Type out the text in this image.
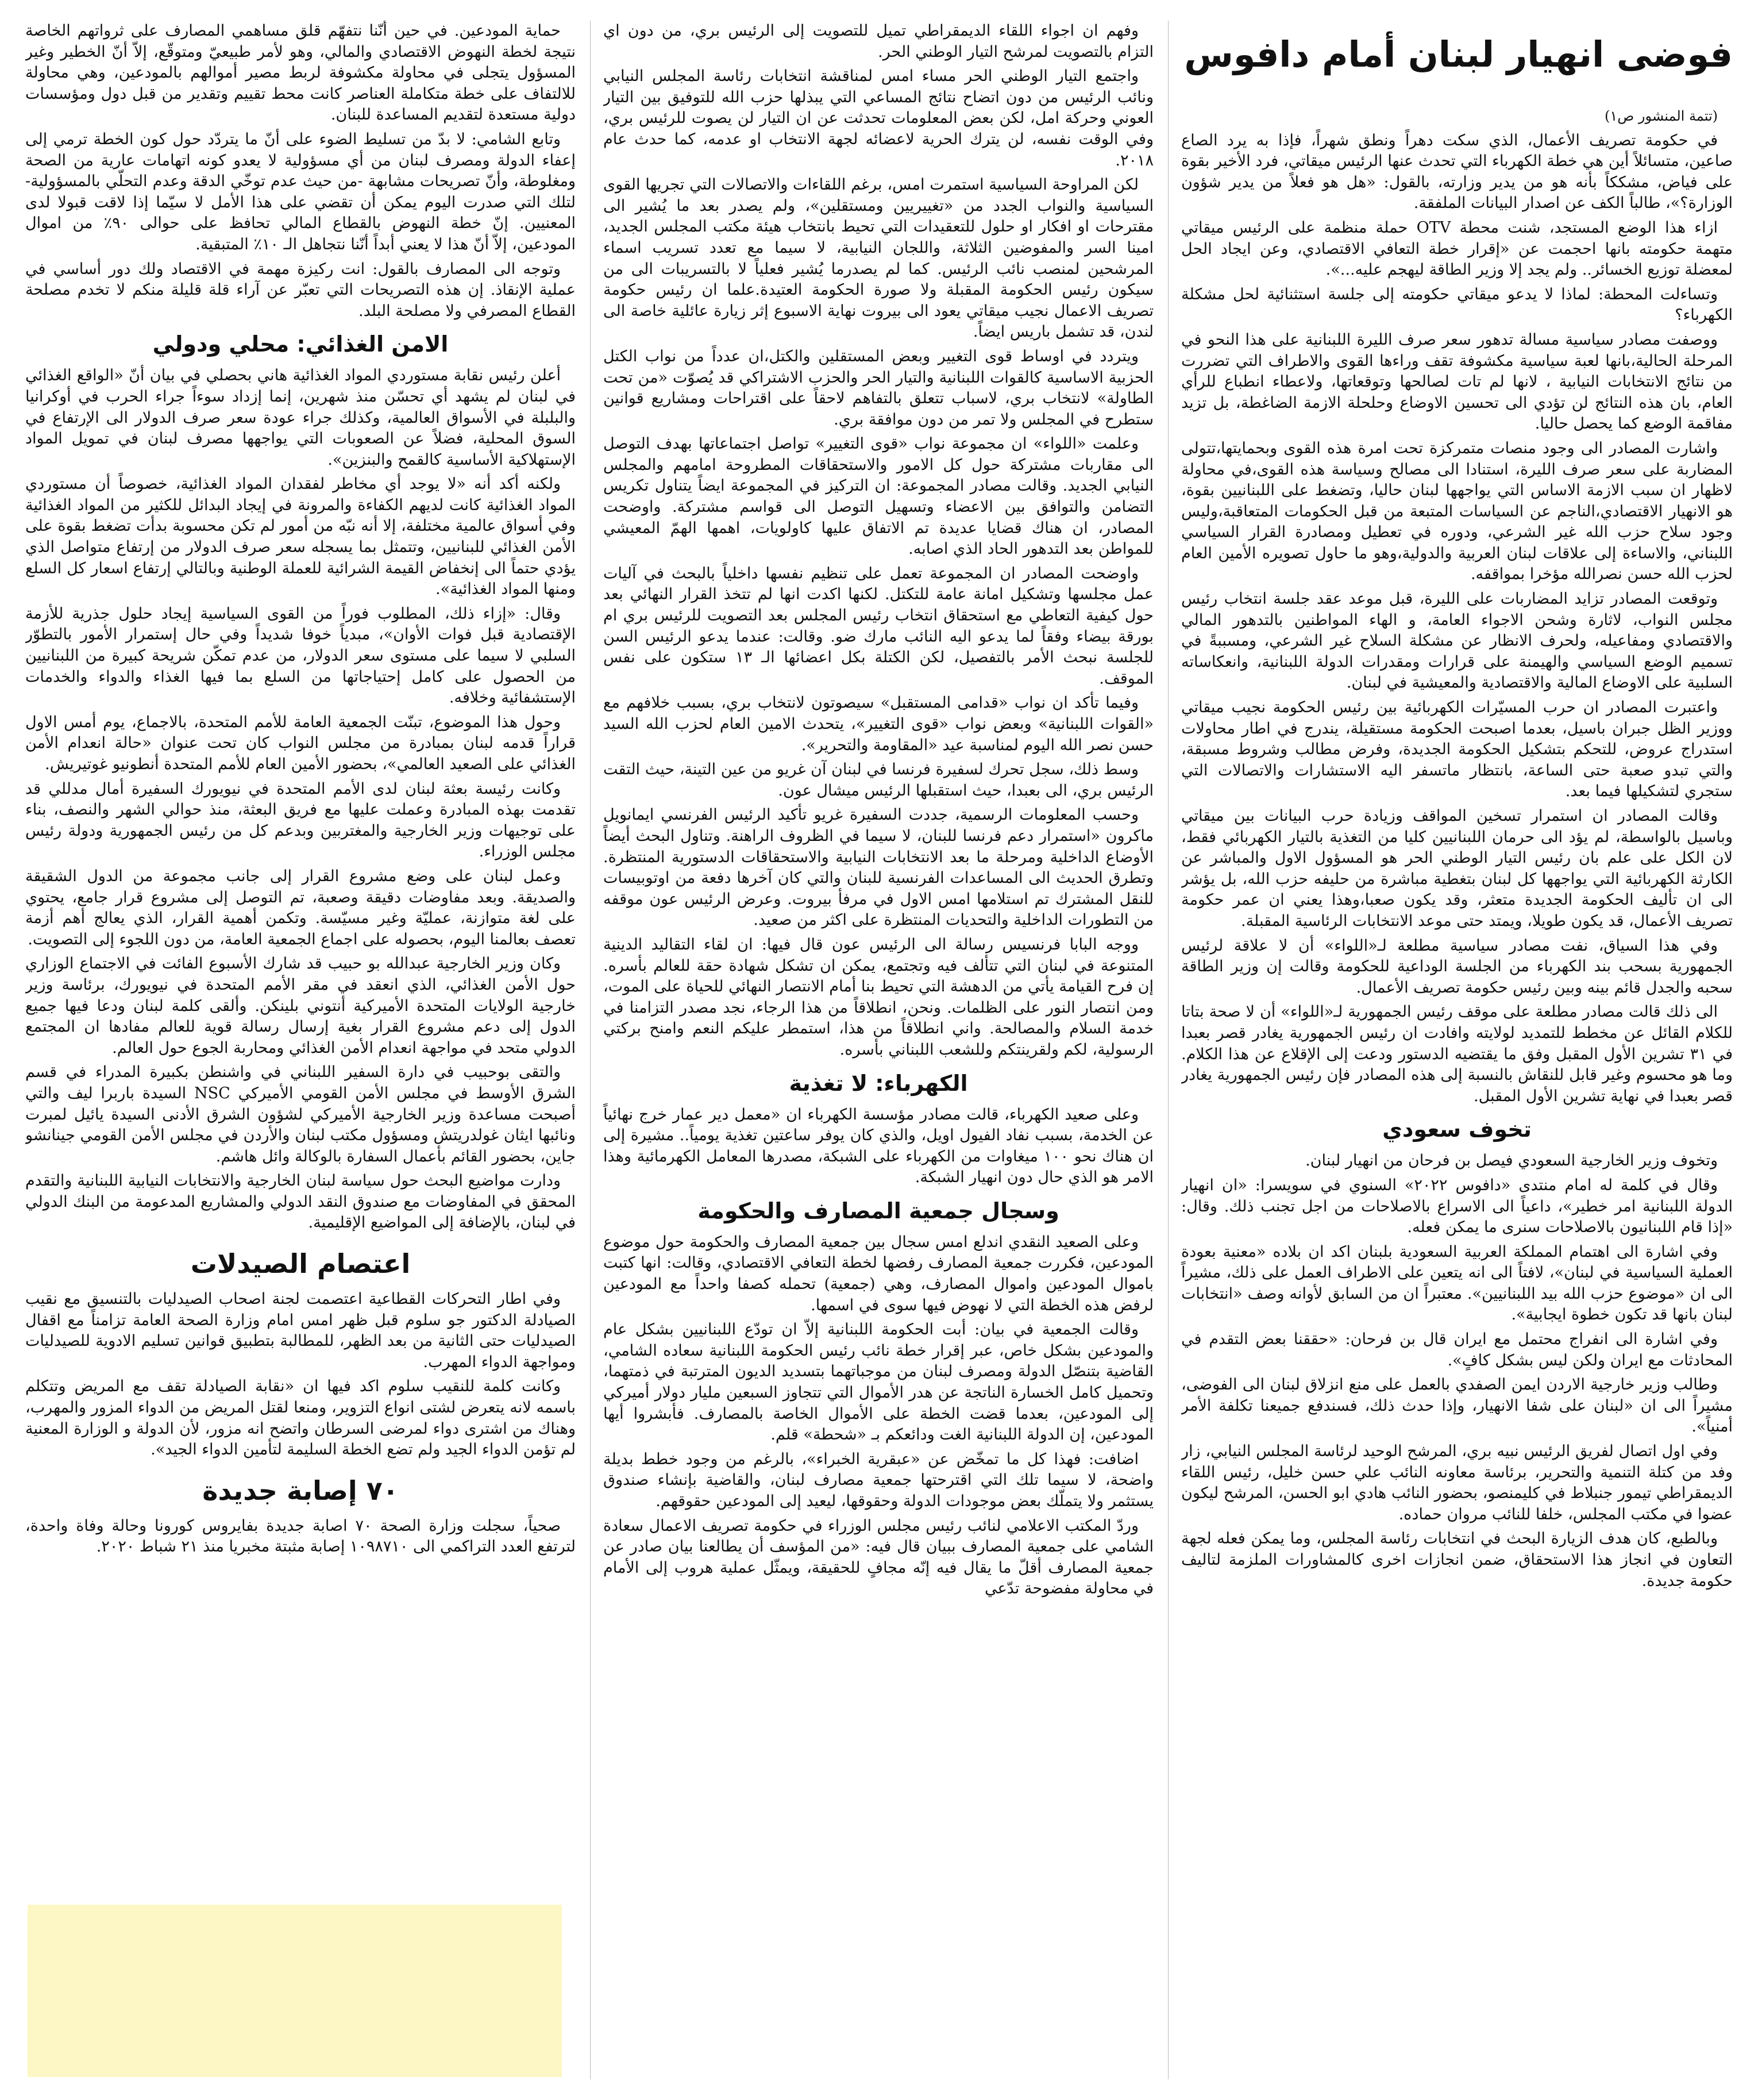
فوضى انهيار لبنان أمام دافوس

(تتمة المنشور ص١)

في حكومة تصريف الأعمال، الذي سكت دهراً ونطق شهراً، فإذا به يرد الصاع صاعين، متسائلاً أين هي خطة الكهرباء التي تحدث عنها الرئيس ميقاتي، فرد الأخير بقوة على فياض، مشككاً بأنه هو من يدير وزارته، بالقول: «هل هو فعلاً من يدير شؤون الوزارة؟»، طالباً الكف عن اصدار البيانات الملفقة.

ازاء هذا الوضع المستجد، شنت محطة OTV حملة منظمة على الرئيس ميقاتي متهمة حكومته بانها احجمت عن «إقرار خطة التعافي الاقتصادي، وعن ايجاد الحل لمعضلة توزيع الخسائر.. ولم يجد إلا وزير الطاقة ليهجم عليه...».

وتساءلت المحطة: لماذا لا يدعو ميقاتي حكومته إلى جلسة استثنائية لحل مشكلة الكهرباء؟

ووصفت مصادر سياسية مسالة تدهور سعر صرف الليرة اللبنانية على هذا النحو في المرحلة الحالية،بانها لعبة سياسية مكشوفة تقف وراءها القوى والاطراف التي تضررت من نتائج الانتخابات النيابية ، لانها لم تات لصالحها وتوقعاتها، ولاعطاء انطباع للرأي العام، بان هذه النتائج لن تؤدي الى تحسين الاوضاع وحلحلة الازمة الضاغطة، بل تزيد مفاقمة الوضع كما يحصل حاليا.

واشارت المصادر الى وجود منصات متمركزة تحت امرة هذه القوى وبحمايتها،تتولى المضاربة على سعر صرف الليرة، استنادا الى مصالح وسياسة هذه القوى،في محاولة لاظهار ان سبب الازمة الاساس التي يواجهها لبنان حاليا، وتضغط على اللبنانيين بقوة، هو الانهيار الاقتصادي،الناجم عن السياسات المتبعة من قبل الحكومات المتعاقبة،وليس وجود سلاح حزب الله غير الشرعي، ودوره في تعطيل ومصادرة القرار السياسي اللبناني، والاساءة إلى علاقات لبنان العربية والدولية،وهو ما حاول تصويره الأمين العام لحزب الله حسن نصرالله مؤخرا بمواقفه.

وتوقعت المصادر تزايد المضاربات على الليرة، قبل موعد عقد جلسة انتخاب رئيس مجلس النواب، لاثارة وشحن الاجواء العامة، و الهاء المواطنين بالتدهور المالي والاقتصادي ومفاعيله، ولحرف الانظار عن مشكلة السلاح غير الشرعي، ومسببةً في تسميم الوضع السياسي والهيمنة على قرارات ومقدرات الدولة اللبنانية، وانعكاساته السلبية على الاوضاع المالية والاقتصادية والمعيشية في لبنان.

واعتبرت المصادر ان حرب المسيّرات الكهربائية بين رئيس الحكومة نجيب ميقاتي ووزير الظل جبران باسيل، بعدما اصبحت الحكومة مستقيلة، يندرج في اطار محاولات استدراج عروض، للتحكم بتشكيل الحكومة الجديدة، وفرض مطالب وشروط مسبقة، والتي تبدو صعبة حتى الساعة، بانتظار ماتسفر اليه الاستشارات والاتصالات التي ستجري لتشكيلها فيما بعد.

وقالت المصادر ان استمرار تسخين المواقف وزيادة حرب البيانات بين ميقاتي وباسيل بالواسطة، لم يؤد الى حرمان اللبنانيين كليا من التغذية بالتيار الكهربائي فقط، لان الكل على علم بان رئيس التيار الوطني الحر هو المسؤول الاول والمباشر عن الكارثة الكهربائية التي يواجهها كل لبنان بتغطية مباشرة من حليفه حزب الله، بل يؤشر الى ان تأليف الحكومة الجديدة متعثر، وقد يكون صعبا،وهذا يعني ان عمر حكومة تصريف الأعمال، قد يكون طويلا، ويمتد حتى موعد الانتخابات الرئاسية المقبلة.

وفي هذا السياق، نفت مصادر سياسية مطلعة لـ«اللواء» أن لا علاقة لرئيس الجمهورية بسحب بند الكهرباء من الجلسة الوداعية للحكومة وقالت إن وزير الطاقة سحبه والجدل قائم بينه وبين رئيس حكومة تصريف الأعمال.

الى ذلك قالت مصادر مطلعة على موقف رئيس الجمهورية لـ«اللواء» أن لا صحة بتاتا للكلام القائل عن مخطط للتمديد لولايته وافادت ان رئيس الجمهورية يغادر قصر بعبدا في ٣١ تشرين الأول المقبل وفق ما يقتضيه الدستور ودعت إلى الإقلاع عن هذا الكلام. وما هو محسوم وغير قابل للنقاش بالنسبة إلى هذه المصادر فإن رئيس الجمهورية يغادر قصر بعبدا في نهاية تشرين الأول المقبل.

تخوف سعودي

وتخوف وزير الخارجية السعودي فيصل بن فرحان من انهيار لبنان.

وقال في كلمة له امام منتدى «دافوس ٢٠٢٢» السنوي في سويسرا: «ان انهيار الدولة اللبنانية امر خطير»، داعياً الى الاسراع بالاصلاحات من اجل تجنب ذلك. وقال: «إذا قام اللبنانيون بالاصلاحات سنرى ما يمكن فعله.

وفي اشارة الى اهتمام المملكة العربية السعودية بلبنان اكد ان بلاده «معنية بعودة العملية السياسية في لبنان»، لافتاً الى انه يتعين على الاطراف العمل على ذلك، مشيراً الى ان «موضوع حزب الله بيد اللبنانيين». معتبراً ان من السابق لأوانه وصف «انتخابات لبنان بانها قد تكون خطوة ايجابية».

وفي اشارة الى انفراج محتمل مع ايران قال بن فرحان: «حققنا بعض التقدم في المحادثات مع ايران ولكن ليس بشكل كافٍ».

وطالب وزير خارجية الاردن ايمن الصفدي بالعمل على منع انزلاق لبنان الى الفوضى، مشيراً الى ان «لبنان على شفا الانهيار، وإذا حدث ذلك، فسندفع جميعنا تكلفة الأمر أمنياً».

وفي اول اتصال لفريق الرئيس نبيه بري، المرشح الوحيد لرئاسة المجلس النيابي، زار وفد من كتلة التنمية والتحرير، برئاسة معاونه النائب علي حسن خليل، رئيس اللقاء الديمقراطي تيمور جنبلاط في كليمنصو، بحضور النائب هادي ابو الحسن، المرشح ليكون عضوا في مكتب المجلس، خلفا للنائب مروان حماده.

وبالطبع، كان هدف الزيارة البحث في انتخابات رئاسة المجلس، وما يمكن فعله لجهة التعاون في انجاز هذا الاستحقاق، ضمن انجازات اخرى كالمشاورات الملزمة لتاليف حكومة جديدة.

وفهم ان اجواء اللقاء الديمقراطي تميل للتصويت إلى الرئيس بري، من دون اي التزام بالتصويت لمرشح التيار الوطني الحر.

واجتمع التيار الوطني الحر مساء امس لمناقشة انتخابات رئاسة المجلس النيابي ونائب الرئيس من دون اتضاح نتائج المساعي التي يبذلها حزب الله للتوفيق بين التيار العوني وحركة امل، لكن بعض المعلومات تحدثت عن ان التيار لن يصوت للرئيس بري، وفي الوقت نفسه، لن يترك الحرية لاعضائه لجهة الانتخاب او عدمه، كما حدث عام ٢٠١٨.

لكن المراوحة السياسية استمرت امس، برغم اللقاءات والاتصالات التي تجريها القوى السياسية والنواب الجدد من «تغييريين ومستقلين»، ولم يصدر بعد ما يُشير الى مقترحات او افكار او حلول للتعقيدات التي تحيط بانتخاب هيئة مكتب المجلس الجديد، امينا السر والمفوضين الثلاثة، واللجان النيابية، لا سيما مع تعدد تسريب اسماء المرشحين لمنصب نائب الرئيس. كما لم يصدرما يُشير فعلياً لا بالتسريبات الى من سيكون رئيس الحكومة المقبلة ولا صورة الحكومة العتيدة.علما ان رئيس حكومة تصريف الاعمال نجيب ميقاتي يعود الى بيروت نهاية الاسبوع إثر زيارة عائلية خاصة الى لندن، قد تشمل باريس ايضاً.

ويتردد في اوساط قوى التغيير وبعض المستقلين والكتل،ان عدداً من نواب الكتل الحزبية الاساسية كالقوات اللبنانية والتيار الحر والحزب الاشتراكي قد يُصوّت «من تحت الطاولة» لانتخاب بري، لاسباب تتعلق بالتفاهم لاحقاً على اقتراحات ومشاريع قوانين ستطرح في المجلس ولا تمر من دون موافقة بري.

وعلمت «اللواء» ان مجموعة نواب «قوى التغيير» تواصل اجتماعاتها بهدف التوصل الى مقاربات مشتركة حول كل الامور والاستحقاقات المطروحة امامهم والمجلس النيابي الجديد. وقالت مصادر المجموعة: ان التركيز في المجموعة ايضاً يتناول تكريس التضامن والتوافق بين الاعضاء وتسهيل التوصل الى قواسم مشتركة. واوضحت المصادر، ان هناك قضايا عديدة تم الاتفاق عليها كاولويات، اهمها الهمّ المعيشي للمواطن بعد التدهور الحاد الذي اصابه.

واوضحت المصادر ان المجموعة تعمل على تنظيم نفسها داخلياً بالبحث في آليات عمل مجلسها وتشكيل امانة عامة للتكتل. لكنها اكدت انها لم تتخذ القرار النهائي بعد حول كيفية التعاطي مع استحقاق انتخاب رئيس المجلس بعد التصويت للرئيس بري ام بورقة بيضاء وفقاً لما يدعو اليه النائب مارك ضو. وقالت: عندما يدعو الرئيس السن للجلسة نبحث الأمر بالتفصيل، لكن الكتلة بكل اعضائها الـ ١٣ ستكون على نفس الموقف.

وفيما تأكد ان نواب «قدامى المستقبل» سيصوتون لانتخاب بري، بسبب خلافهم مع «القوات اللبنانية» وبعض نواب «قوى التغيير»، يتحدث الامين العام لحزب الله السيد حسن نصر الله اليوم لمناسبة عيد «المقاومة والتحرير».

وسط ذلك، سجل تحرك لسفيرة فرنسا في لبنان آن غريو من عين التينة، حيث التقت الرئيس بري، الى بعبدا، حيث استقبلها الرئيس ميشال عون.

وحسب المعلومات الرسمية، جددت السفيرة غريو تأكيد الرئيس الفرنسي ايمانويل ماكرون «استمرار دعم فرنسا للبنان، لا سيما في الظروف الراهنة. وتناول البحث أيضاً الأوضاع الداخلية ومرحلة ما بعد الانتخابات النيابية والاستحقاقات الدستورية المنتظرة. وتطرق الحديث الى المساعدات الفرنسية للبنان والتي كان آخرها دفعة من اوتوبيسات للنقل المشترك تم استلامها امس الاول في مرفأ بيروت. وعرض الرئيس عون موقفه من التطورات الداخلية والتحديات المنتظرة على اكثر من صعيد.

ووجه البابا فرنسيس رسالة الى الرئيس عون قال فيها: ان لقاء التقاليد الدينية المتنوعة في لبنان التي تتألف فيه وتجتمع، يمكن ان تشكل شهادة حقة للعالم بأسره. إن فرح القيامة يأتي من الدهشة التي تحيط بنا أمام الانتصار النهائي للحياة على الموت، ومن انتصار النور على الظلمات. ونحن، انطلاقاً من هذا الرجاء، نجد مصدر التزامنا في خدمة السلام والمصالحة. واني انطلاقاً من هذا، استمطر عليكم النعم وامنح بركتي الرسولية، لكم ولقرينتكم وللشعب اللبناني بأسره.

الكهرباء: لا تغذية

وعلى صعيد الكهرباء، قالت مصادر مؤسسة الكهرباء ان «معمل دير عمار خرج نهائياً عن الخدمة، بسبب نفاد الفيول اويل، والذي كان يوفر ساعتين تغذية يومياً.. مشيرة إلى ان هناك نحو ١٠٠ ميغاوات من الكهرباء على الشبكة، مصدرها المعامل الكهرمائية وهذا الامر هو الذي حال دون انهيار الشبكة.

وسجال جمعية المصارف والحكومة

وعلى الصعيد النقدي اندلع امس سجال بين جمعية المصارف والحكومة حول موضوع المودعين، فكررت جمعية المصارف رفضها لخطة التعافي الاقتصادي، وقالت: انها كتبت باموال المودعين واموال المصارف، وهي (جمعية) تحمله كصفا واحداً مع المودعين لرفض هذه الخطة التي لا نهوض فيها سوى في اسمها.

وقالت الجمعية في بيان: أبت الحكومة اللبنانية إلاّ ان تودّع اللبنانيين بشكل عام والمودعين بشكل خاص، عبر إقرار خطة نائب رئيس الحكومة اللبنانية سعاده الشامي، القاضية بتنصّل الدولة ومصرف لبنان من موجباتهما بتسديد الديون المترتبة في ذمتهما، وتحميل كامل الخسارة الناتجة عن هدر الأموال التي تتجاوز السبعين مليار دولار أميركي إلى المودعين، بعدما قضت الخطة على الأموال الخاصة بالمصارف. فأبشروا أيها المودعين، إن الدولة اللبنانية الغت ودائعكم بـ «شحطة» قلم.

اضافت: فهذا كل ما تمخّض عن «عبقرية الخبراء»، بالرغم من وجود خطط بديلة واضحة، لا سيما تلك التي اقترحتها جمعية مصارف لبنان، والقاضية بإنشاء صندوق يستثمر ولا يتملّك بعض موجودات الدولة وحقوقها، ليعيد إلى المودعين حقوقهم.

وردّ المكتب الاعلامي لنائب رئيس مجلس الوزراء في حكومة تصريف الاعمال سعادة الشامي على جمعية المصارف ببيان قال فيه: «من المؤسف أن يطالعنا بيان صادر عن جمعية المصارف أقلّ ما يقال فيه إنّه مجافٍ للحقيقة، ويمثّل عملية هروب إلى الأمام في محاولة مفضوحة تدّعي

حماية المودعين. في حين أنّنا نتفهّم قلق مساهمي المصارف على ثرواتهم الخاصة نتيجة لخطة النهوض الاقتصادي والمالي، وهو لأمر طبيعيّ ومتوقّع، إلاّ أنّ الخطير وغير المسؤول يتجلى في محاولة مكشوفة لربط مصير أموالهم بالمودعين، وهي محاولة للالتفاف على خطة متكاملة العناصر كانت محط تقييم وتقدير من قبل دول ومؤسسات دولية مستعدة لتقديم المساعدة للبنان.

وتابع الشامي: لا بدّ من تسليط الضوء على أنّ ما يتردّد حول كون الخطة ترمي إلى إعفاء الدولة ومصرف لبنان من أي مسؤولية لا يعدو كونه اتهامات عارية من الصحة ومغلوطة، وأنّ تصريحات مشابهة -من حيث عدم توخّي الدقة وعدم التحلّي بالمسؤولية- لتلك التي صدرت اليوم يمكن أن تقضي على هذا الأمل لا سيّما إذا لاقت قبولا لدى المعنيين. إنّ خطة النهوض بالقطاع المالي تحافظ على حوالى ٩٠٪ من اموال المودعين، إلاّ أنّ هذا لا يعني أبداً أنّنا نتجاهل الـ ١٠٪ المتبقية.

وتوجه الى المصارف بالقول: انت ركيزة مهمة في الاقتصاد ولك دور أساسي في عملية الإنقاذ. إن هذه التصريحات التي تعبّر عن آراء قلة قليلة منكم لا تخدم مصلحة القطاع المصرفي ولا مصلحة البلد.

الامن الغذائي: محلي ودولي

أعلن رئيس نقابة مستوردي المواد الغذائية هاني بحصلي في بيان أنّ «الواقع الغذائي في لبنان لم يشهد أي تحسّن منذ شهرين، إنما إزداد سوءاً جراء الحرب في أوكرانيا والبلبلة في الأسواق العالمية، وكذلك جراء عودة سعر صرف الدولار الى الإرتفاع في السوق المحلية، فضلاً عن الصعوبات التي يواجهها مصرف لبنان في تمويل المواد الإستهلاكية الأساسية كالقمح والبنزين».

ولكنه أكد أنه «لا يوجد أي مخاطر لفقدان المواد الغذائية، خصوصاً أن مستوردي المواد الغذائية كانت لديهم الكفاءة والمرونة في إيجاد البدائل للكثير من المواد الغذائية وفي أسواق عالمية مختلفة، إلا أنه نبّه من أمور لم تكن محسوبة بدأت تضغط بقوة على الأمن الغذائي للبنانيين، وتتمثل بما يسجله سعر صرف الدولار من إرتفاع متواصل الذي يؤدي حتماً الى إنخفاض القيمة الشرائية للعملة الوطنية وبالتالي إرتفاع اسعار كل السلع ومنها المواد الغذائية».

وقال: «إزاء ذلك، المطلوب فوراً من القوى السياسية إيجاد حلول جذرية للأزمة الإقتصادية قبل فوات الأوان»، مبدياً خوفا شديداً وفي حال إستمرار الأمور بالتطوّر السلبي لا سيما على مستوى سعر الدولار، من عدم تمكّن شريحة كبيرة من اللبنانيين من الحصول على كامل إحتياجاتها من السلع بما فيها الغذاء والدواء والخدمات الإستشفائية وخلافه.

وحول هذا الموضوع، تبنّت الجمعية العامة للأمم المتحدة، بالاجماع، يوم أمس الاول قراراً قدمه لبنان بمبادرة من مجلس النواب كان تحت عنوان «حالة انعدام الأمن الغذائي على الصعيد العالمي»، بحضور الأمين العام للأمم المتحدة أنطونيو غوتيريش.

وكانت رئيسة بعثة لبنان لدى الأمم المتحدة في نيويورك السفيرة أمال مدللي قد تقدمت بهذه المبادرة وعملت عليها مع فريق البعثة، منذ حوالي الشهر والنصف، بناء على توجيهات وزير الخارجية والمغتربين وبدعم كل من رئيس الجمهورية ودولة رئيس مجلس الوزراء.

وعمل لبنان على وضع مشروع القرار إلى جانب مجموعة من الدول الشقيقة والصديقة. وبعد مفاوضات دقيقة وصعبة، تم التوصل إلى مشروع قرار جامع، يحتوي على لغة متوازنة، عمليّة وغير مسيّسة. وتكمن أهمية القرار، الذي يعالج أهم أزمة تعصف بعالمنا اليوم، بحصوله على اجماع الجمعية العامة، من دون اللجوء إلى التصويت.

وكان وزير الخارجية عبدالله بو حبيب قد شارك الأسبوع الفائت في الاجتماع الوزاري حول الأمن الغذائي، الذي انعقد في مقر الأمم المتحدة في نيويورك، برئاسة وزير خارجية الولايات المتحدة الأميركية أنتوني بلينكن. وألقى كلمة لبنان ودعا فيها جميع الدول إلى دعم مشروع القرار بغية إرسال رسالة قوية للعالم مفادها ان المجتمع الدولي متحد في مواجهة انعدام الأمن الغذائي ومحاربة الجوع حول العالم.

والتقى بوحبيب في دارة السفير اللبناني في واشنطن بكبيرة المدراء في قسم الشرق الأوسط في مجلس الأمن القومي الأميركي NSC السيدة باربرا ليف والتي أصبحت مساعدة وزير الخارجية الأميركي لشؤون الشرق الأدنى السيدة يائيل لمبرت ونائبها ايثان غولدريتش ومسؤول مكتب لبنان والأردن في مجلس الأمن القومي جينانشو جاين، بحضور القائم بأعمال السفارة بالوكالة وائل هاشم.

ودارت مواضيع البحث حول سياسة لبنان الخارجية والانتخابات النيابية اللبنانية والتقدم المحقق في المفاوضات مع صندوق النقد الدولي والمشاريع المدعومة من البنك الدولي في لبنان، بالإضافة إلى المواضيع الإقليمية.

اعتصام الصيدلات

وفي اطار التحركات القطاعية اعتصمت لجنة اصحاب الصيدليات بالتنسيق مع نقيب الصيادلة الدكتور جو سلوم قبل ظهر امس امام وزارة الصحة العامة تزامناً مع اقفال الصيدليات حتى الثانية من بعد الظهر، للمطالبة بتطبيق قوانين تسليم الادوية للصيدليات ومواجهة الدواء المهرب.

وكانت كلمة للنقيب سلوم اكد فيها ان «نقابة الصيادلة تقف مع المريض وتتكلم باسمه لانه يتعرض لشتى انواع التزوير، ومنعا لقتل المريض من الدواء المزور والمهرب، وهناك من اشترى دواء لمرضى السرطان واتضح انه مزور، لأن الدولة و الوزارة المعنية لم تؤمن الدواء الجيد ولم تضع الخطة السليمة لتأمين الدواء الجيد».

٧٠ إصابة جديدة

صحياً، سجلت وزارة الصحة ٧٠ اصابة جديدة بفايروس كورونا وحالة وفاة واحدة، لترتفع العدد التراكمي الى ١٠٩٨٧١٠ إصابة مثبتة مخبريا منذ ٢١ شباط ٢٠٢٠.
